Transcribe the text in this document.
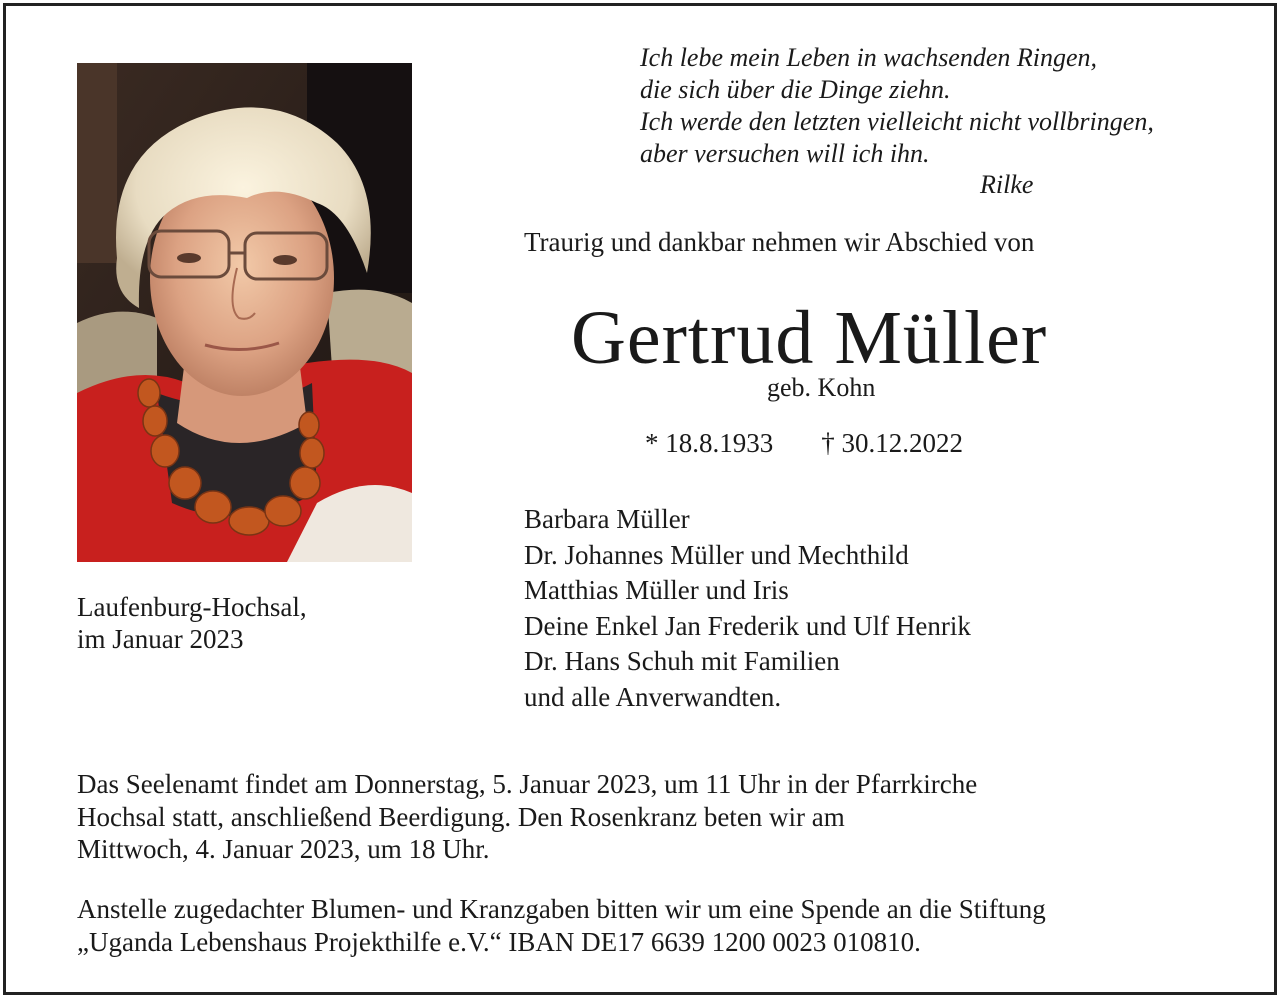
Ich lebe mein Leben in wachsenden Ringen,
die sich über die Dinge ziehn.
Ich werde den letzten vielleicht nicht vollbringen,
aber versuchen will ich ihn.
Rilke
Traurig und dankbar nehmen wir Abschied von
Gertrud Müller
geb. Kohn
* 18.8.1933 † 30.12.2022
Laufenburg-Hochsal,
im Januar 2023
Barbara Müller
Dr. Johannes Müller und Mechthild
Matthias Müller und Iris
Deine Enkel Jan Frederik und Ulf Henrik
Dr. Hans Schuh mit Familien
und alle Anverwandten.
Das Seelenamt findet am Donnerstag, 5. Januar 2023, um 11 Uhr in der Pfarrkirche
Hochsal statt, anschließend Beerdigung. Den Rosenkranz beten wir am
Mittwoch, 4. Januar 2023, um 18 Uhr.
Anstelle zugedachter Blumen- und Kranzgaben bitten wir um eine Spende an die Stiftung
„Uganda Lebenshaus Projekthilfe e.V.“ IBAN DE17 6639 1200 0023 010810.
